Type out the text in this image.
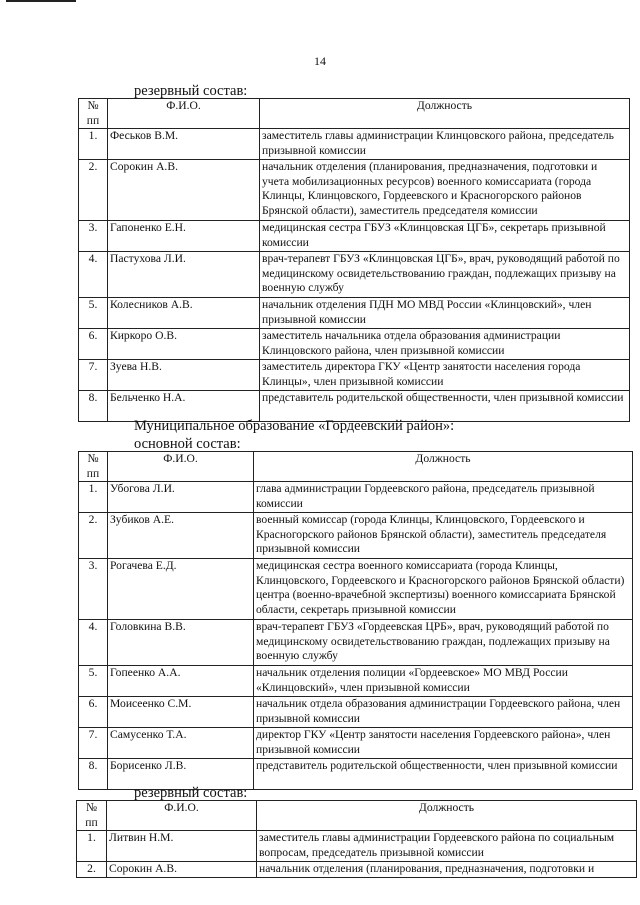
14
резервный состав:
№ пп	Ф.И.О.	Должность
1.	Феськов В.М.	заместитель главы администрации Клинцовского района, председатель призывной комиссии
2.	Сорокин А.В.	начальник отделения (планирования, предназначения, подготовки и учета мобилизационных ресурсов) военного комиссариата (города Клинцы, Клинцовского, Гордеевского и Красногорского районов Брянской области), заместитель председателя комиссии
3.	Гапоненко Е.Н.	медицинская сестра ГБУЗ «Клинцовская ЦГБ», секретарь призывной комиссии
4.	Пастухова Л.И.	врач-терапевт ГБУЗ «Клинцовская ЦГБ», врач, руководящий работой по медицинскому освидетельствованию граждан, подлежащих призыву на военную службу
5.	Колесников А.В.	начальник отделения ПДН МО МВД России «Клинцовский», член призывной комиссии
6.	Киркоро О.В.	заместитель начальника отдела образования администрации Клинцовского района, член призывной комиссии
7.	Зуева Н.В.	заместитель директора ГКУ «Центр занятости населения города Клинцы», член призывной комиссии
8.	Бельченко Н.А.	представитель родительской общественности, член призывной комиссии
Муниципальное образование «Гордеевский район»:
основной состав:
№ пп	Ф.И.О.	Должность
1.	Убогова Л.И.	глава администрации Гордеевского района, председатель призывной комиссии
2.	Зубиков А.Е.	военный комиссар (города Клинцы, Клинцовского, Гордеевского и Красногорского районов Брянской области), заместитель председателя призывной комиссии
3.	Рогачева Е.Д.	медицинская сестра военного комиссариата (города Клинцы, Клинцовского, Гордеевского и Красногорского районов Брянской области) центра (военно-врачебной экспертизы) военного комиссариата Брянской области, секретарь призывной комиссии
4.	Головкина В.В.	врач-терапевт ГБУЗ «Гордеевская ЦРБ», врач, руководящий работой по медицинскому освидетельствованию граждан, подлежащих призыву на военную службу
5.	Гопеенко А.А.	начальник отделения полиции «Гордеевское» МО МВД России «Клинцовский», член призывной комиссии
6.	Моисеенко С.М.	начальник отдела образования администрации Гордеевского района, член призывной комиссии
7.	Самусенко Т.А.	директор ГКУ «Центр занятости населения Гордеевского района», член призывной комиссии
8.	Борисенко Л.В.	представитель родительской общественности, член призывной комиссии
резервный состав:
№ пп	Ф.И.О.	Должность
1.	Литвин Н.М.	заместитель главы администрации Гордеевского района по социальным вопросам, председатель призывной комиссии
2.	Сорокин А.В.	начальник отделения (планирования, предназначения, подготовки и
